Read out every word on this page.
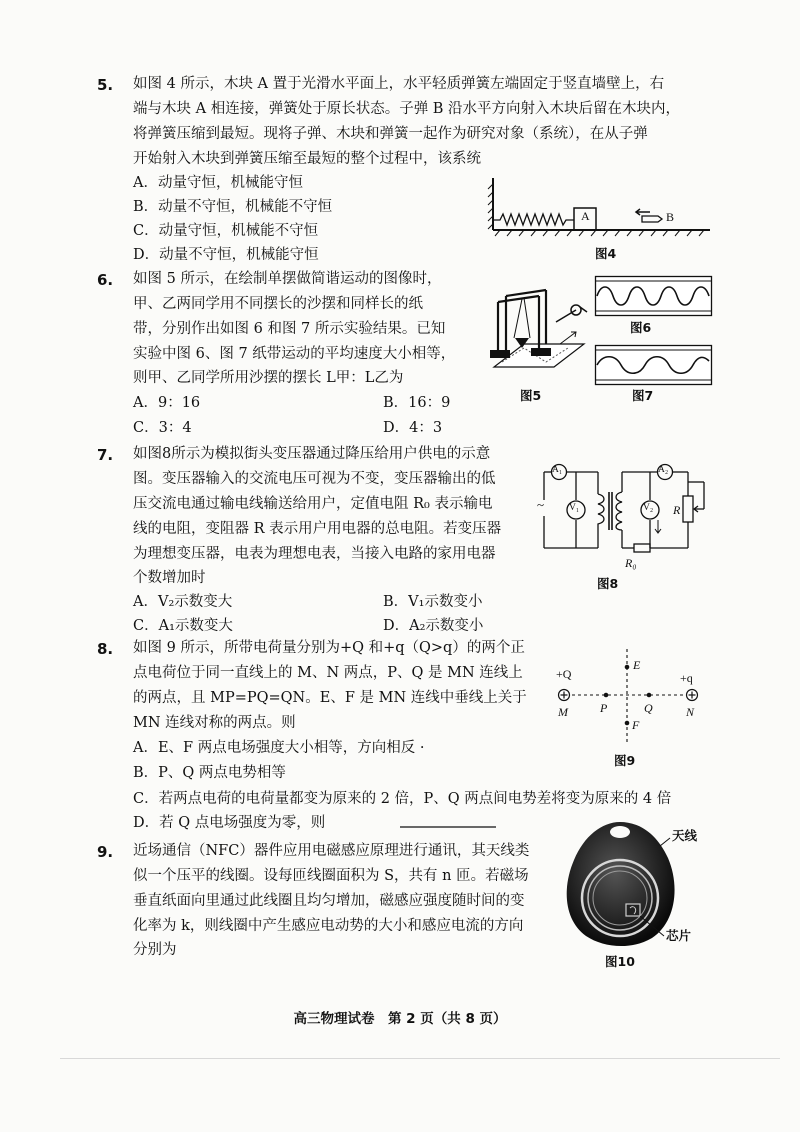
5. 如图 4 所示，木块 A 置于光滑水平面上，水平轻质弹簧左端固定于竖直墙壁上，右
端与木块 A 相连接，弹簧处于原长状态。子弹 B 沿水平方向射入木块后留在木块内，
将弹簧压缩到最短。现将子弹、木块和弹簧一起作为研究对象（系统），在从子弹
开始射入木块到弹簧压缩至最短的整个过程中，该系统
A．动量守恒，机械能守恒
B．动量不守恒，机械能不守恒
C．动量守恒，机械能不守恒
D．动量不守恒，机械能守恒
A	B
图4
6. 如图 5 所示，在绘制单摆做简谐运动的图像时，
甲、乙两同学用不同摆长的沙摆和同样长的纸
带，分别作出如图 6 和图 7 所示实验结果。已知
实验中图 6、图 7 纸带运动的平均速度大小相等，
则甲、乙同学所用沙摆的摆长 L甲：L乙为
A．9：16	B．16：9
C．3：4	D．4：3
图5
图6
图7
7. 如图8所示为模拟街头变压器通过降压给用户供电的示意
图。变压器输入的交流电压可视为不变，变压器输出的低
压交流电通过输电线输送给用户，定值电阻 R₀ 表示输电
线的电阻，变阻器 R 表示用户用电器的总电阻。若变压器
为理想变压器，电表为理想电表，当接入电路的家用电器
个数增加时
A．V₂示数变大	B．V₁示数变小
C．A₁示数变大	D．A₂示数变小
A₁	A₂
V₁	V₂ R
R₀
~
图8
8. 如图 9 所示，所带电荷量分别为+Q 和+q（Q>q）的两个正
点电荷位于同一直线上的 M、N 两点，P、Q 是 MN 连线上
的两点，且 MP=PQ=QN。E、F 是 MN 连线中垂线上关于
MN 连线对称的两点。则
A．E、F 两点电场强度大小相等，方向相反 ·
B．P、Q 两点电势相等
C．若两点电荷的电荷量都变为原来的 2 倍，P、Q 两点间电势差将变为原来的 4 倍
D．若 Q 点电场强度为零，则
+Q	+q
M	P	Q	N
E
F
图9
9. 近场通信（NFC）器件应用电磁感应原理进行通讯，其天线类
似一个压平的线圈。设每匝线圈面积为 S，共有 n 匝。若磁场
垂直纸面向里通过此线圈且均匀增加，磁感应强度随时间的变
化率为 k，则线圈中产生感应电动势的大小和感应电流的方向
分别为
天线
芯片
图10
高三物理试卷　第 2 页（共 8 页）
